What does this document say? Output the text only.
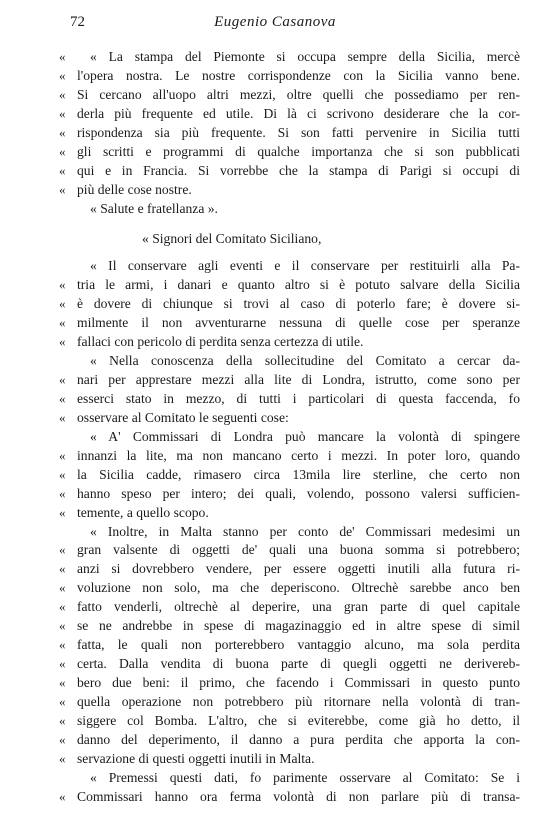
72	Eugenio Casanova
«	« La stampa del Piemonte si occupa sempre della Sicilia, mercè
« l'opera nostra. Le nostre corrispondenze con la Sicilia vanno bene.
« Si cercano all'uopo altri mezzi, oltre quelli che possediamo per ren-
« derla più frequente ed utile. Di là ci scrivono desiderare che la cor-
« rispondenza sia più frequente. Si son fatti pervenire in Sicilia tutti
« gli scritti e programmi di qualche importanza che si son pubblicati
« qui e in Francia. Si vorrebbe che la stampa di Parigi si occupi di
« più delle cose nostre.
« Salute e fratellanza ».
« Signori del Comitato Siciliano,
« Il conservare agli eventi e il conservare per restituirli alla Pa-
« tria le armi, i danari e quanto altro si è potuto salvare della Sicilia
« è dovere di chiunque si trovi al caso di poterlo fare; è dovere si-
« milmente il non avventurarne nessuna di quelle cose per speranze
« fallaci con pericolo di perdita senza certezza di utile.
« Nella conoscenza della sollecitudine del Comitato a cercar da-
« nari per apprestare mezzi alla lite di Londra, istrutto, come sono per
« esserci stato in mezzo, di tutti i particolari di questa faccenda, fo
« osservare al Comitato le seguenti cose:
« A' Commissari di Londra può mancare la volontà di spingere
« innanzi la lite, ma non mancano certo i mezzi. In poter loro, quando
« la Sicilia cadde, rimasero circa 13mila lire sterline, che certo non
« hanno speso per intero; dei quali, volendo, possono valersi sufficien-
« temente, a quello scopo.
« Inoltre, in Malta stanno per conto de' Commissari medesimi un
« gran valsente di oggetti de' quali una buona somma si potrebbero;
« anzi si dovrebbero vendere, per essere oggetti inutili alla futura ri-
« voluzione non solo, ma che deperiscono. Oltrechè sarebbe anco ben
« fatto venderli, oltrechè al deperire, una gran parte di quel capitale
« se ne andrebbe in spese di magazinaggio ed in altre spese di simil
« fatta, le quali non porterebbero vantaggio alcuno, ma sola perdita
« certa. Dalla vendita di buona parte di quegli oggetti ne derivereb-
« bero due beni: il primo, che facendo i Commissari in questo punto
« quella operazione non potrebbero più ritornare nella volontà di tran-
« siggere col Bomba. L'altro, che si eviterebbe, come già ho detto, il
« danno del deperimento, il danno a pura perdita che apporta la con-
« servazione di questi oggetti inutili in Malta.
« Premessi questi dati, fo parimente osservare al Comitato: Se i
« Commissari hanno ora ferma volontà di non parlare più di transa-
